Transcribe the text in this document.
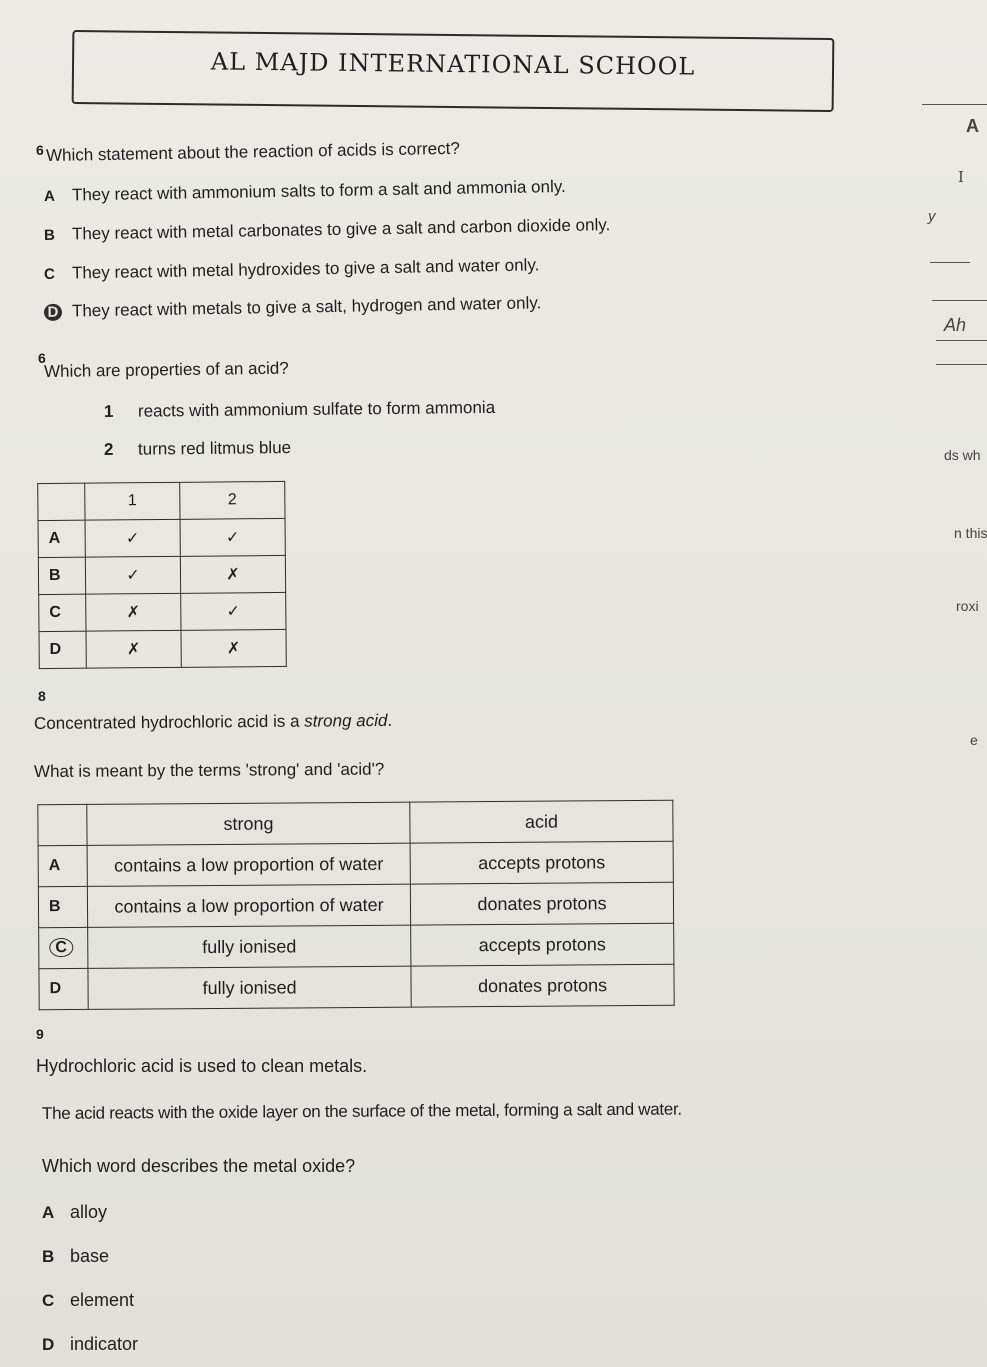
AL MAJD INTERNATIONAL SCHOOL
A
I
y
Ah
ds wh
n this
roxi
e
6 Which statement about the reaction of acids is correct?
A They react with ammonium salts to form a salt and ammonia only.
B They react with metal carbonates to give a salt and carbon dioxide only.
C They react with metal hydroxides to give a salt and water only.
D They react with metals to give a salt, hydrogen and water only.
6
Which are properties of an acid?
1 reacts with ammonium sulfate to form ammonia
2 turns red litmus blue
	1	2
A	✓	✓
B	✓	✗
C	✗	✓
D	✗	✗
8
Concentrated hydrochloric acid is a strong acid.
What is meant by the terms 'strong' and 'acid'?
	strong	acid
A	contains a low proportion of water	accepts protons
B	contains a low proportion of water	donates protons
C	fully ionised	accepts protons
D	fully ionised	donates protons
9
Hydrochloric acid is used to clean metals.
The acid reacts with the oxide layer on the surface of the metal, forming a salt and water.
Which word describes the metal oxide?
A alloy
B base
C element
D indicator
